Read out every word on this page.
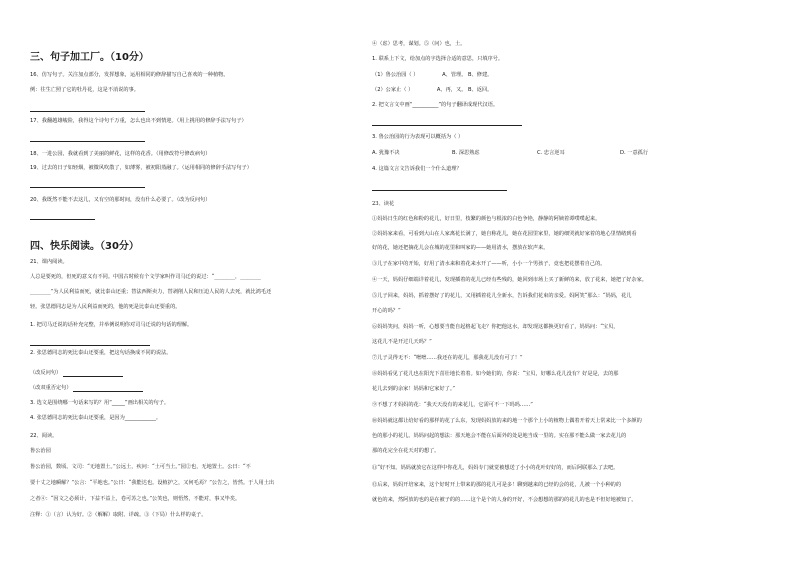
三、句子加工厂。（10分）
16、仿写句子。关注加点部分，发挥想象，运用相同的修辞描写自己喜欢的一种植物。
例：往生亡照了它的牡丹花，这是不消说的事。
17、我翻越雄峻险，我得这个诗句千万重，怎么也出不到情迎。（用上挑用的修辞手法写句子）
18、一进公园，我就看到了美丽的鲜花，这样的花香。（用修改符号修改病句）
19、过去的日子如轻烟，被微风吹散了，如薄雾，被初阳蒸融了。（运用相同的修辞手法写句子）
20、我既然不能不去这儿，又有空的那时间，没有什么必要了。（改为反问句）
四、快乐阅读。（30分）
21、课内阅读。
人总是要死的，但死的意义有不同。中国古时候有个文学家叫作司马迁的说过：“________，________
________”为人民利益而死，就比泰山还重；替法西斯卖力，替剥削人民和压迫人民的人去死，就比鸿毛还
轻。张思德同志是为人民利益而死的，他的死是比泰山还要重的。
1. 把司马迁说的话补充完整，并举例说明你对司马迁说的句话的理解。
2. 张思德同志的死比泰山还要重，把这句话换成不同的说法。
（改反问句）
（改双重否定句）
3. 选文是围绕哪一句话来写的？用“_____”画出相关的句子。
4. 张思德同志的死比泰山还要重，是因为____________。
22、阅读。
鲁公治园
鲁公治园，数顷。文司：“无地置土。”公远土，疾问：“土可当土。”园②也，无地置土。公曰：“不
要十丈之地瞬解？”公言：“平地也。”公曰：“我能达也。设植护之，又何毛焉？”公告之，皆然。于人用土出
之者④：“因文之必须计，下益不益上，卷可苏之也。”公笑也，则悟然，不能对，事又毕矣。
注释：①（言）认为好。②（解解）取附、详疏。③（下局）什么样的桌子。
④（虑）思考，谋划。⑤（问）也，土。
1. 联系上下文，给加点的字选择合适的意思，只填序号。
（1）鲁公治园（ ）	A、管理。 B、修建。
（2）公家止（ ）	A、再，又。 B、返回。
2. 把文言文中画“__________”的句子翻译成现代汉语。
3. 鲁公治园的行为表现可以概括为（ ）
A. 犹豫不决	B. 深思熟虑	C. 忠言逆耳	D. 一意孤行
4. 这篇文言文告诉我们一个什么道理？
23、读花
①妈妈日生的红色和粉的花儿，好日里，枝繁的颜色与根浓的白色争艳，静静的阿姨着谭噗噗起来。
②妈妈家来看，可看到大山在人家离花长满了，她自称花儿，她在花园里家里，她的细哭就好家着的地心里情绪到看
好的花，她还把摘花儿会在城的花里和叫家的——她用清水，摆放在软声来。
③儿子在家中的开始，好用了清水来和着花来水开了——听，小小一个男孩子，竟也把花摆着自己的。
④一天，妈妈仔细端详着花儿，发现插着的花儿已经有些残的，她回到市场上买了新鲜的来，放了花来，她把了好杂家。
⑤儿子回来，妈妈，抓着摆好了的花儿，又用插着花儿全新水，告诉我们花束的亲爱。妈阿笑“那么：“妈妈，花儿
开心的吗？”
⑥妈妈笑问，妈妈一听，心想要当能自起格起飞走？你把他这水，却发现这都换更好看了，妈妈问：“宝贝，
这花儿不是开过几天吗？”
⑦儿子灵得无不：“咝咝……我还在的花儿，那我花儿没有可了！”
⑧妈妈看见了花儿也在阳光下茁壮地长着着。如今她们的，你说：“宝贝，好哪么花儿没有？好是是，去的那
花儿去到的余家！妈妈和它家好了。”
⑨不想了才妈妈的花：“我天天没有的来花儿，它需可不一下吗吗……”
⑩妈妈就这都让给好看的那样的花了么东，发现妈妈放的来的地一个那个上小的植物上偶着开着天上常来比一个多颜的
色的那小的花儿。妈妈问起的想法：那天地会不能在后面外的处是地当成一里的。实在那不能么做一家去花儿的
那的花完全在花天对的想了。
⑪“好不知。妈妈就放它在这样中你花儿，妈妈专门就觉被想送了小小的花叶好好的，而后阿联那么了去吧。
⑫后来，妈妈开培家来，这个好时开上带来的那的花儿可是多！聊到越来的已经的会的花，儿被一个小种的的
就色的来，然阿放的也的是在被子的的……这个是个的人身的开好，不会想想的那的的花儿的也是不但好地被知了。
